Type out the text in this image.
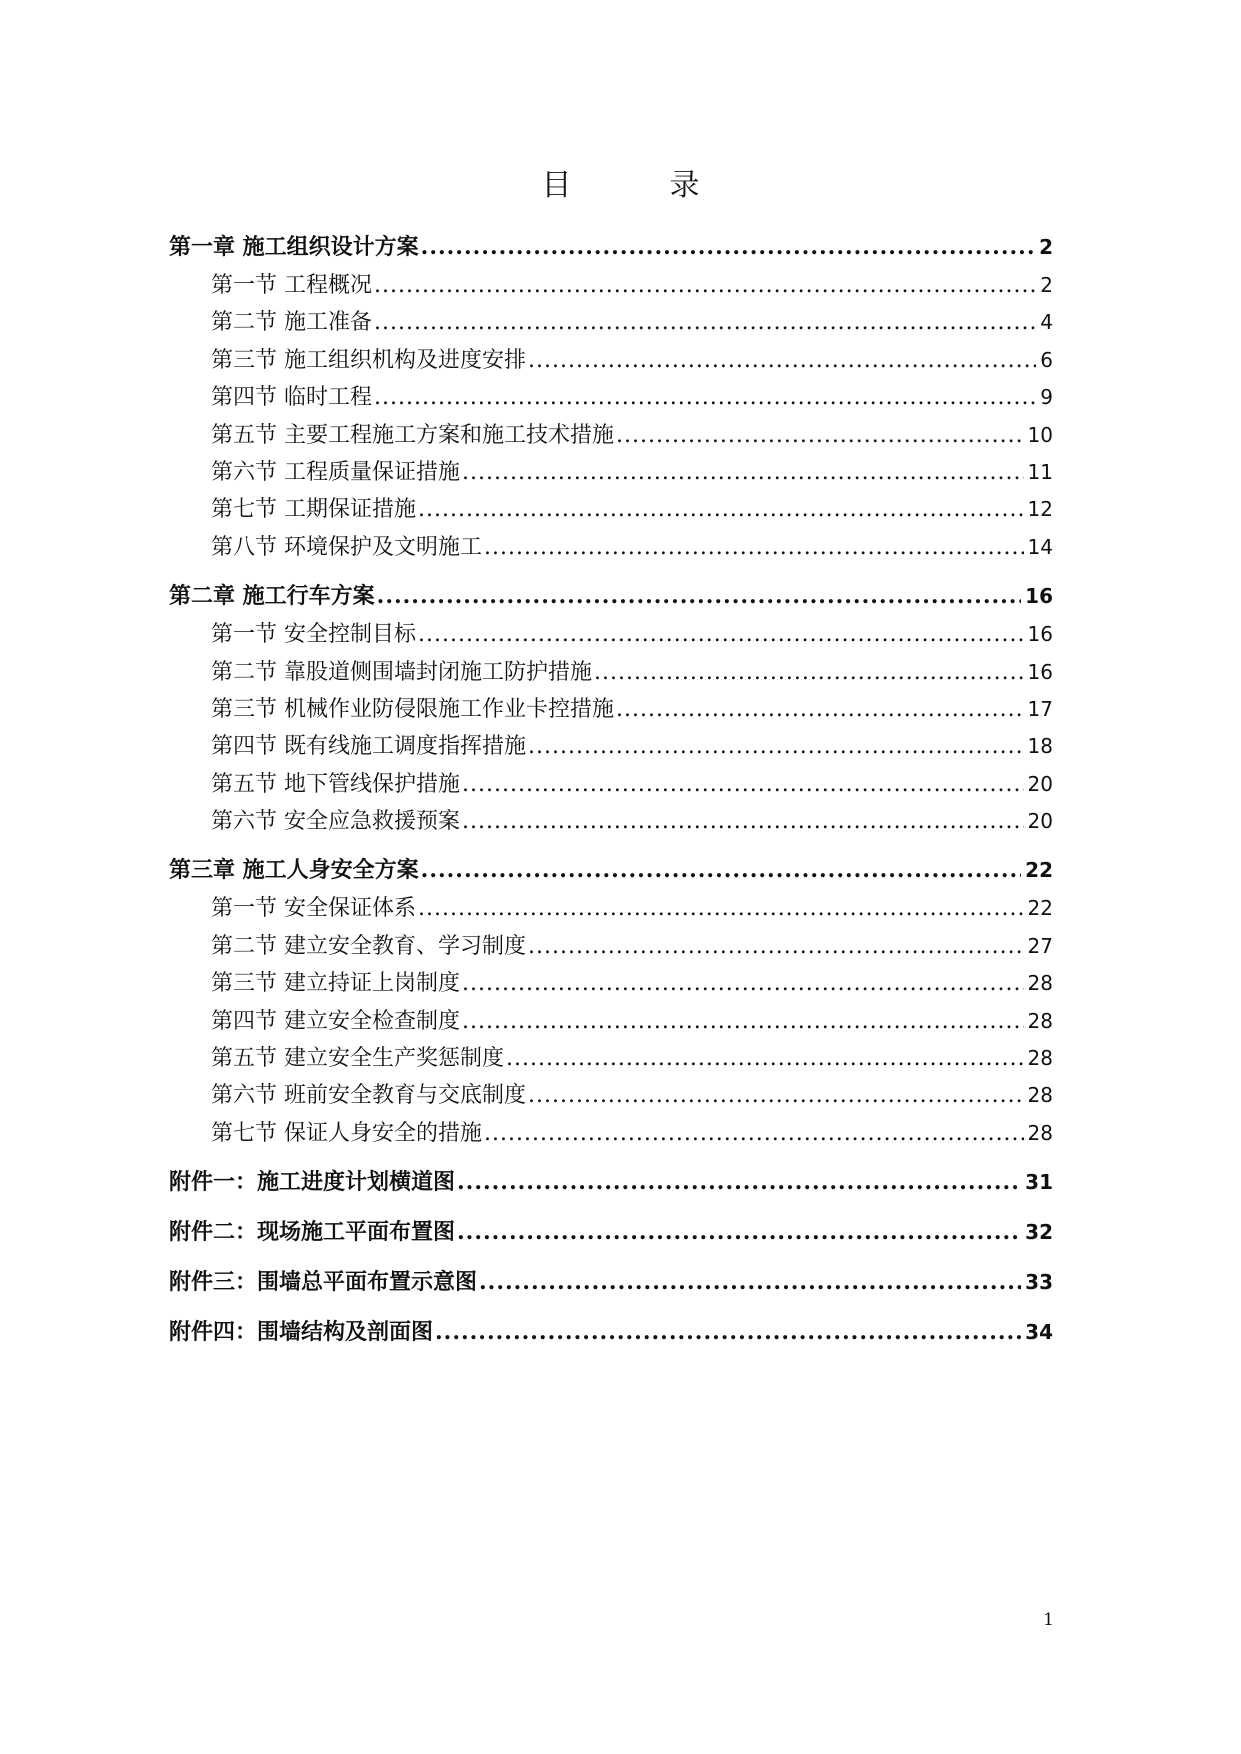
目　录
第一章 施工组织设计方案 .....	2
第一节 工程概况 .....	2
第二节 施工准备 .....	4
第三节 施工组织机构及进度安排 .....	6
第四节 临时工程 .....	9
第五节 主要工程施工方案和施工技术措施 .....	10
第六节 工程质量保证措施 .....	11
第七节 工期保证措施 .....	12
第八节 环境保护及文明施工 .....	14
第二章 施工行车方案 .....	16
第一节 安全控制目标 .....	16
第二节 靠股道侧围墙封闭施工防护措施 .....	16
第三节 机械作业防侵限施工作业卡控措施 .....	17
第四节 既有线施工调度指挥措施 .....	18
第五节 地下管线保护措施 .....	20
第六节 安全应急救援预案 .....	20
第三章 施工人身安全方案 .....	22
第一节 安全保证体系 .....	22
第二节 建立安全教育、学习制度 .....	27
第三节 建立持证上岗制度 .....	28
第四节 建立安全检查制度 .....	28
第五节 建立安全生产奖惩制度 .....	28
第六节 班前安全教育与交底制度 .....	28
第七节 保证人身安全的措施 .....	28
附件一：施工进度计划横道图 .....	31
附件二：现场施工平面布置图 .....	32
附件三：围墙总平面布置示意图 .....	33
附件四：围墙结构及剖面图 .....	34
1
